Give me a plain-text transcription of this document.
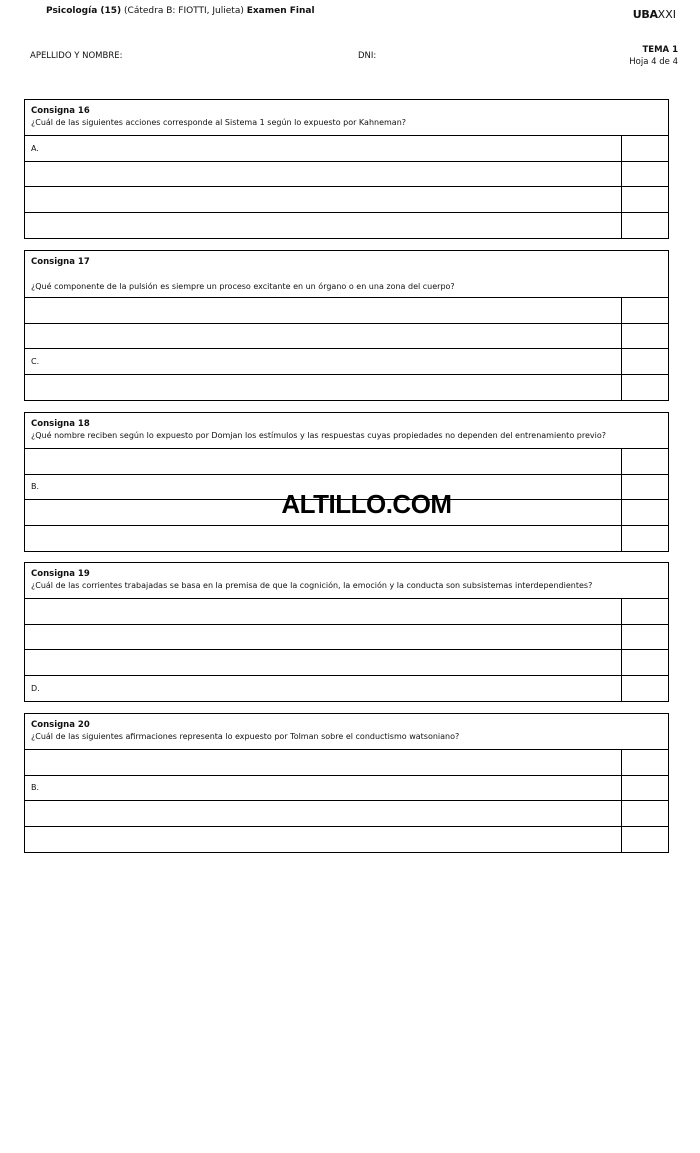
Psicología (15) (Cátedra B: FIOTTI, Julieta) Examen Final	UBAXXI
APELLIDO Y NOMBRE:	DNI:
TEMA 1
Hoja 4 de 4
Consigna 16
¿Cuál de las siguientes acciones corresponde al Sistema 1 según lo expuesto por Kahneman?
A.
Consigna 17
¿Qué componente de la pulsión es siempre un proceso excitante en un órgano o en una zona del cuerpo?
C.
Consigna 18
¿Qué nombre reciben según lo expuesto por Domjan los estímulos y las respuestas cuyas propiedades no dependen del entrenamiento previo?
B.
Consigna 19
¿Cuál de las corrientes trabajadas se basa en la premisa de que la cognición, la emoción y la conducta son subsistemas interdependientes?
D.
Consigna 20
¿Cuál de las siguientes afirmaciones representa lo expuesto por Tolman sobre el conductismo watsoniano?
B.
ALTILLO.COM
